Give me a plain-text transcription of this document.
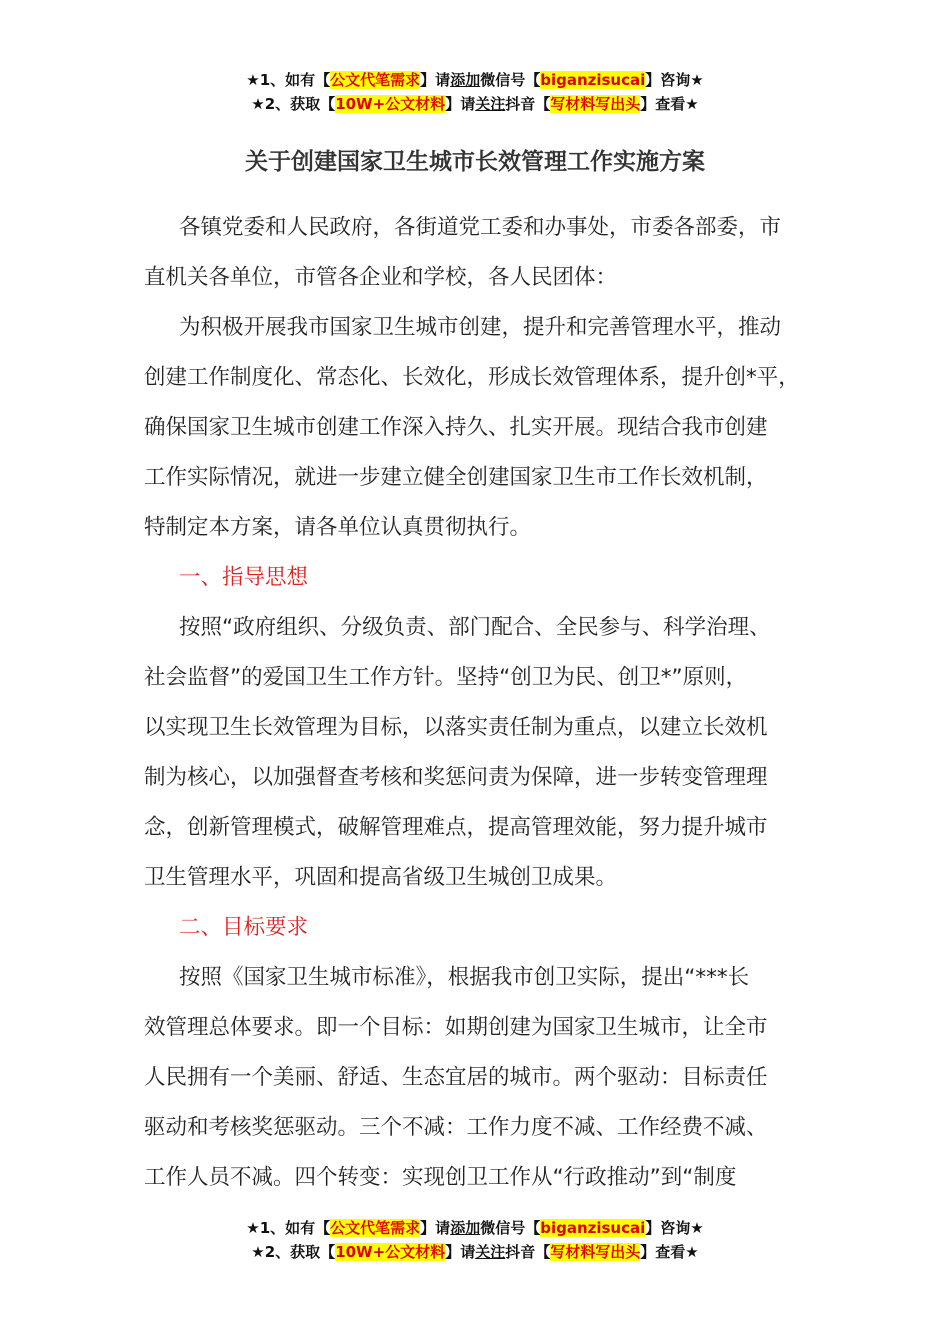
★1、如有【公文代笔需求】请添加微信号【biganzisucai】咨询★
★2、获取【10W+公文材料】请关注抖音【写材料写出头】查看★
关于创建国家卫生城市长效管理工作实施方案
各镇党委和人民政府，各街道党工委和办事处，市委各部委，市
直机关各单位，市管各企业和学校，各人民团体：
为积极开展我市国家卫生城市创建，提升和完善管理水平，推动
创建工作制度化、常态化、长效化，形成长效管理体系，提升创*平，
确保国家卫生城市创建工作深入持久、扎实开展。现结合我市创建
工作实际情况，就进一步建立健全创建国家卫生市工作长效机制，
特制定本方案，请各单位认真贯彻执行。
一、指导思想
按照“政府组织、分级负责、部门配合、全民参与、科学治理、
社会监督”的爱国卫生工作方针。坚持“创卫为民、创卫*”原则，
以实现卫生长效管理为目标，以落实责任制为重点，以建立长效机
制为核心，以加强督查考核和奖惩问责为保障，进一步转变管理理
念，创新管理模式，破解管理难点，提高管理效能，努力提升城市
卫生管理水平，巩固和提高省级卫生城创卫成果。
二、目标要求
按照《国家卫生城市标准》，根据我市创卫实际，提出“***长
效管理总体要求。即一个目标：如期创建为国家卫生城市，让全市
人民拥有一个美丽、舒适、生态宜居的城市。两个驱动：目标责任
驱动和考核奖惩驱动。三个不减：工作力度不减、工作经费不减、
工作人员不减。四个转变：实现创卫工作从“行政推动”到“制度
★1、如有【公文代笔需求】请添加微信号【biganzisucai】咨询★
★2、获取【10W+公文材料】请关注抖音【写材料写出头】查看★
